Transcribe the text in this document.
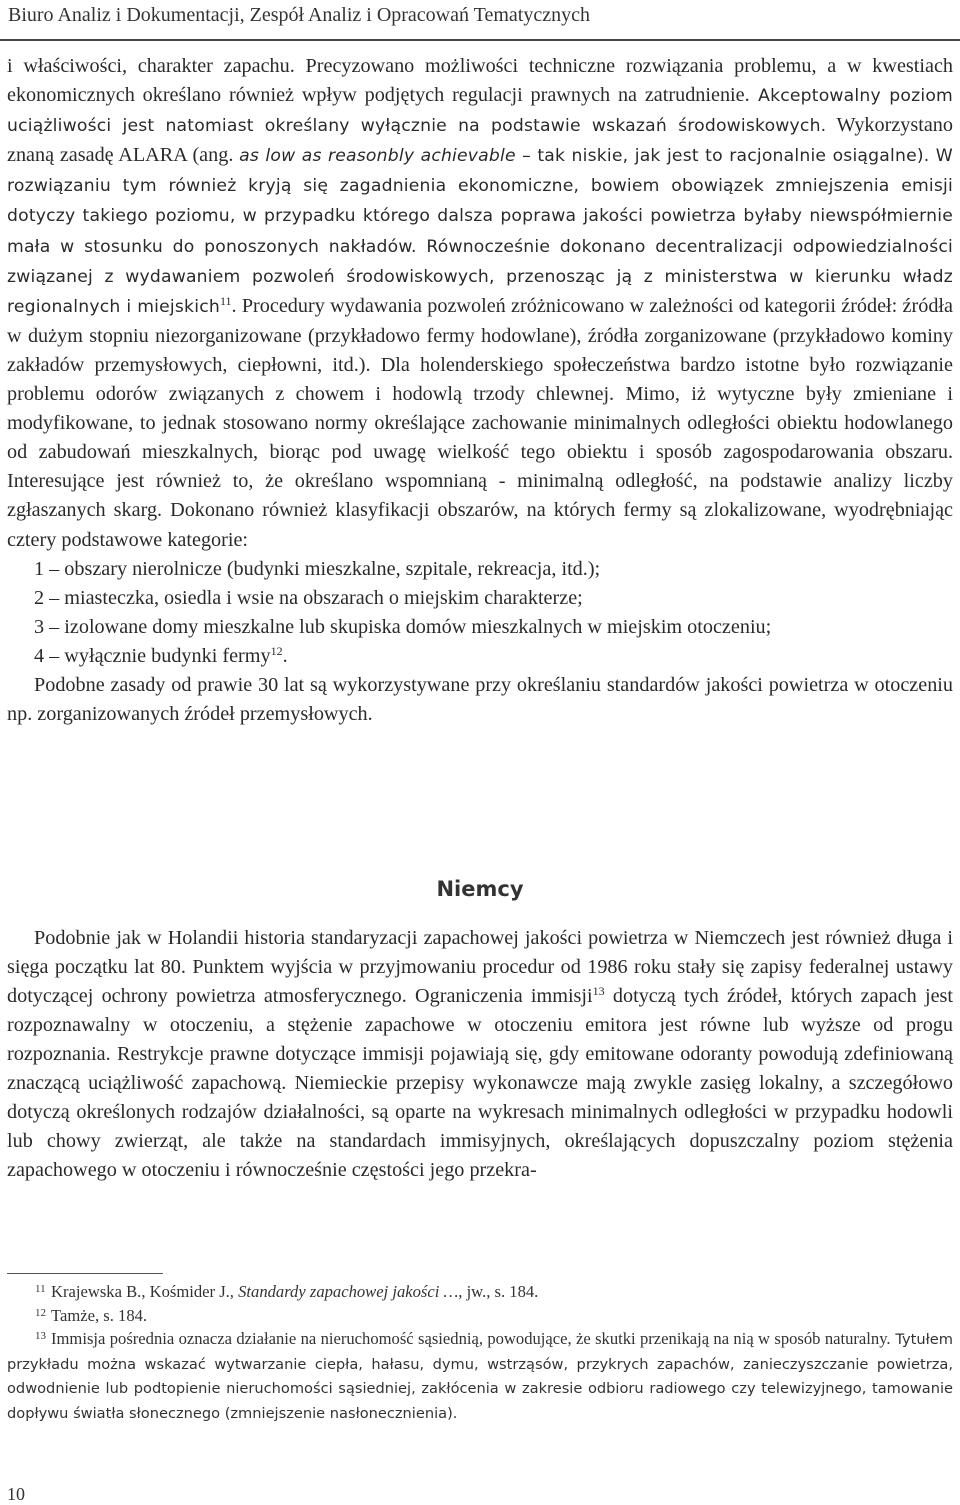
Biuro Analiz i Dokumentacji, Zespół Analiz i Opracowań Tematycznych

i właściwości, charakter zapachu. Precyzowano możliwości techniczne rozwiązania problemu, a w kwestiach ekonomicznych określano również wpływ podjętych regulacji prawnych na zatrudnienie. Akceptowalny poziom uciążliwości jest natomiast określany wyłącznie na podstawie wskazań środowiskowych. Wykorzystano znaną zasadę ALARA (ang. as low as reasonbly achievable – tak niskie, jak jest to racjonalnie osiągalne). W rozwiązaniu tym również kryją się zagadnienia ekonomiczne, bowiem obowiązek zmniejszenia emisji dotyczy takiego poziomu, w przypadku którego dalsza poprawa jakości powietrza byłaby niewspółmiernie mała w stosunku do ponoszonych nakładów. Równocześnie dokonano decentralizacji odpowiedzialności związanej z wydawaniem pozwoleń środowiskowych, przenosząc ją z ministerstwa w kierunku władz regionalnych i miejskich$^{11}$. Procedury wydawania pozwoleń zróżnicowano w zależności od kategorii źródeł: źródła w dużym stopniu niezorganizowane (przykładowo fermy hodowlane), źródła zorganizowane (przykładowo kominy zakładów przemysłowych, ciepłowni, itd.). Dla holenderskiego społeczeństwa bardzo istotne było rozwiązanie problemu odorów związanych z chowem i hodowlą trzody chlewnej. Mimo, iż wytyczne były zmieniane i modyfikowane, to jednak stosowano normy określające zachowanie minimalnych odległości obiektu hodowlanego od zabudowań mieszkalnych, biorąc pod uwagę wielkość tego obiektu i sposób zagospodarowania obszaru. Interesujące jest również to, że określano wspomnianą - minimalną odległość, na podstawie analizy liczby zgłaszanych skarg. Dokonano również klasyfikacji obszarów, na których fermy są zlokalizowane, wyodrębniając cztery podstawowe kategorie:

1 – obszary nierolnicze (budynki mieszkalne, szpitale, rekreacja, itd.);
2 – miasteczka, osiedla i wsie na obszarach o miejskim charakterze;
3 – izolowane domy mieszkalne lub skupiska domów mieszkalnych w miejskim otoczeniu;
4 – wyłącznie budynki fermy$^{12}$.

Podobne zasady od prawie 30 lat są wykorzystywane przy określaniu standardów jakości powietrza w otoczeniu np. zorganizowanych źródeł przemysłowych.

Niemcy

Podobnie jak w Holandii historia standaryzacji zapachowej jakości powietrza w Niemczech jest również długa i sięga początku lat 80. Punktem wyjścia w przyjmowaniu procedur od 1986 roku stały się zapisy federalnej ustawy dotyczącej ochrony powietrza atmosferycznego. Ograniczenia immisji$^{13}$ dotyczą tych źródeł, których zapach jest rozpoznawalny w otoczeniu, a stężenie zapachowe w otoczeniu emitora jest równe lub wyższe od progu rozpoznania. Restrykcje prawne dotyczące immisji pojawiają się, gdy emitowane odoranty powodują zdefiniowaną znaczącą uciążliwość zapachową. Niemieckie przepisy wykonawcze mają zwykle zasięg lokalny, a szczegółowo dotyczą określonych rodzajów działalności, są oparte na wykresach minimalnych odległości w przypadku hodowli lub chowy zwierząt, ale także na standardach immisyjnych, określających dopuszczalny poziom stężenia zapachowego w otoczeniu i równocześnie częstości jego przekra-

11 Krajewska B., Kośmider J., Standardy zapachowej jakości …, jw., s. 184.

12 Tamże, s. 184.

13 Immisja pośrednia oznacza działanie na nieruchomość sąsiednią, powodujące, że skutki przenikają na nią w sposób naturalny. Tytułem przykładu można wskazać wytwarzanie ciepła, hałasu, dymu, wstrząsów, przykrych zapachów, zanieczyszczanie powietrza, odwodnienie lub podtopienie nieruchomości sąsiedniej, zakłócenia w zakresie odbioru radiowego czy telewizyjnego, tamowanie dopływu światła słonecznego (zmniejszenie nasłonecznienia).

10
